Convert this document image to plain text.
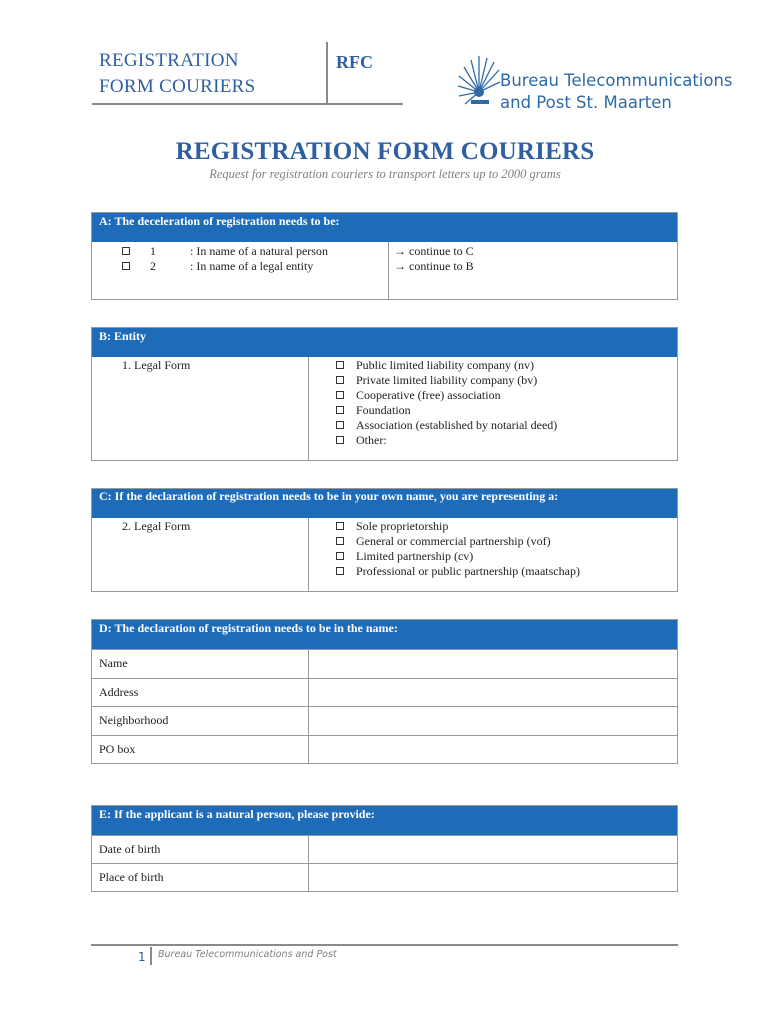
REGISTRATION
FORM COURIERS
RFC
Bureau Telecommunications
and Post St. Maarten
REGISTRATION FORM COURIERS
Request for registration couriers to transport letters up to 2000 grams
A: The deceleration of registration needs to be:
1	: In name of a natural person	→ continue to C
2	: In name of a legal entity	→ continue to B
B: Entity
1. Legal Form	Public limited liability company (nv)
Private limited liability company (bv)
Cooperative (free) association
Foundation
Association (established by notarial deed)
Other:
C: If the declaration of registration needs to be in your own name, you are representing a:
2. Legal Form	Sole proprietorship
General or commercial partnership (vof)
Limited partnership (cv)
Professional or public partnership (maatschap)
D: The declaration of registration needs to be in the name:
Name
Address
Neighborhood
PO box
E: If the applicant is a natural person, please provide:
Date of birth
Place of birth
1 Bureau Telecommunications and Post
